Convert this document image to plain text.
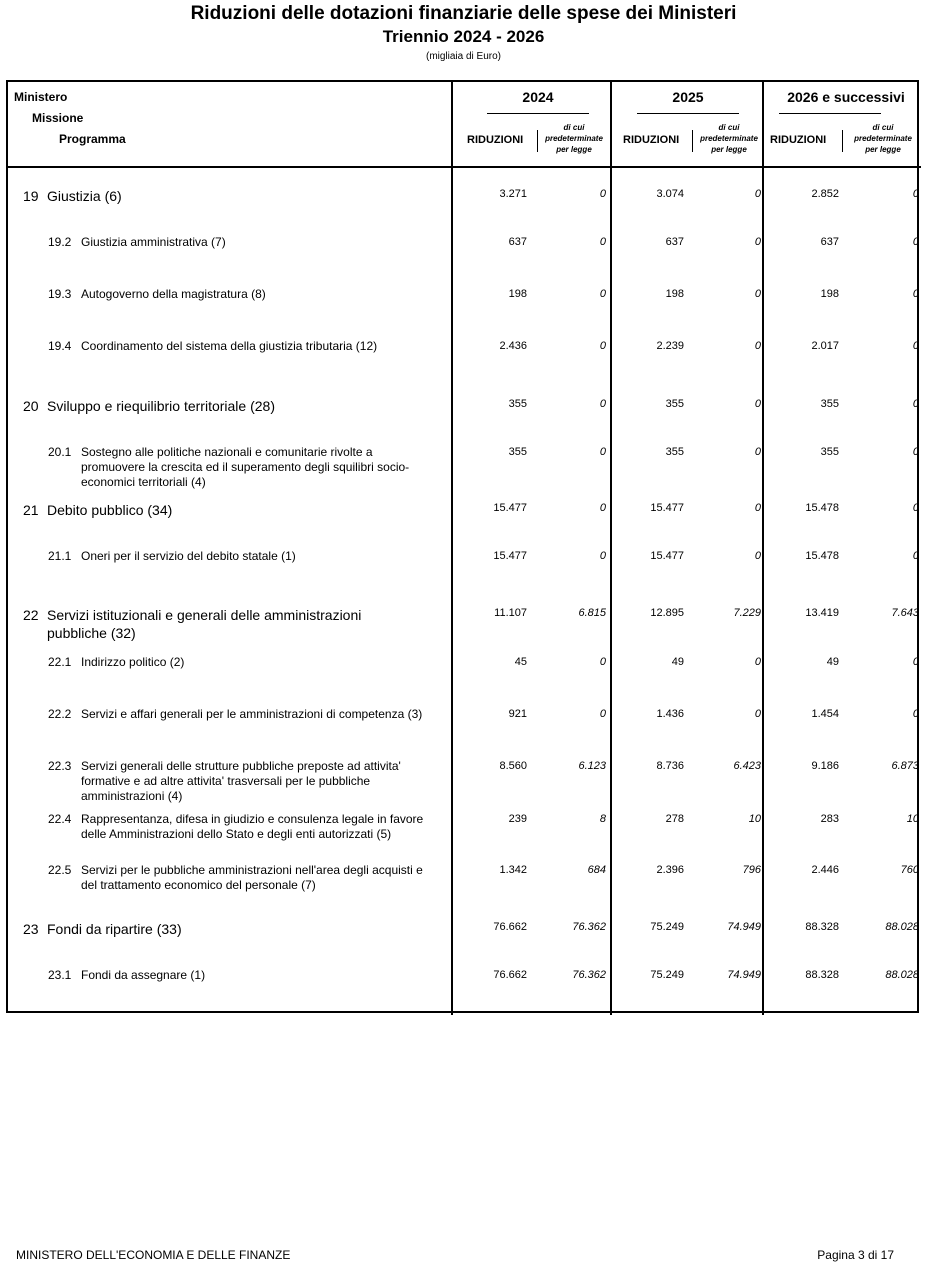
Riduzioni delle dotazioni finanziarie delle spese dei Ministeri
Triennio 2024 - 2026
(migliaia di Euro)
Ministero
Missione
Programma
2024	2025	2026 e successivi
RIDUZIONI
di cui
predeterminate
per legge
RIDUZIONI
di cui
predeterminate
per legge
RIDUZIONI
di cui
predeterminate
per legge
19 Giustizia (6)	3.271	0	3.074	0	2.852	0
19.2 Giustizia amministrativa (7)	637	0	637	0	637	0
19.3 Autogoverno della magistratura (8)	198	0	198	0	198	0
19.4 Coordinamento del sistema della giustizia tributaria (12)	2.436	0	2.239	0	2.017	0
20 Sviluppo e riequilibrio territoriale (28)	355	0	355	0	355	0
20.1 Sostegno alle politiche nazionali e comunitarie rivolte a
promuovere la crescita ed il superamento degli squilibri socio-
economici territoriali (4)
355	0	355	0	355	0
21 Debito pubblico (34)	15.477	0	15.477	0	15.478	0
21.1 Oneri per il servizio del debito statale (1)	15.477	0	15.477	0	15.478	0
22 Servizi istituzionali e generali delle amministrazioni
pubbliche (32)
11.107	6.815	12.895	7.229	13.419	7.643
22.1 Indirizzo politico (2)	45	0	49	0	49	0
22.2 Servizi e affari generali per le amministrazioni di competenza (3)	921	0	1.436	0	1.454	0
22.3 Servizi generali delle strutture pubbliche preposte ad attivita'
formative e ad altre attivita' trasversali per le pubbliche
amministrazioni (4)
8.560	6.123	8.736	6.423	9.186	6.873
22.4 Rappresentanza, difesa in giudizio e consulenza legale in favore
delle Amministrazioni dello Stato e degli enti autorizzati (5)
239	8	278	10	283	10
22.5 Servizi per le pubbliche amministrazioni nell'area degli acquisti e
del trattamento economico del personale (7)
1.342	684	2.396	796	2.446	760
23 Fondi da ripartire (33)	76.662	76.362	75.249	74.949	88.328	88.028
23.1 Fondi da assegnare (1)	76.662	76.362	75.249	74.949	88.328	88.028
MINISTERO DELL'ECONOMIA E DELLE FINANZE	Pagina 3 di 17
